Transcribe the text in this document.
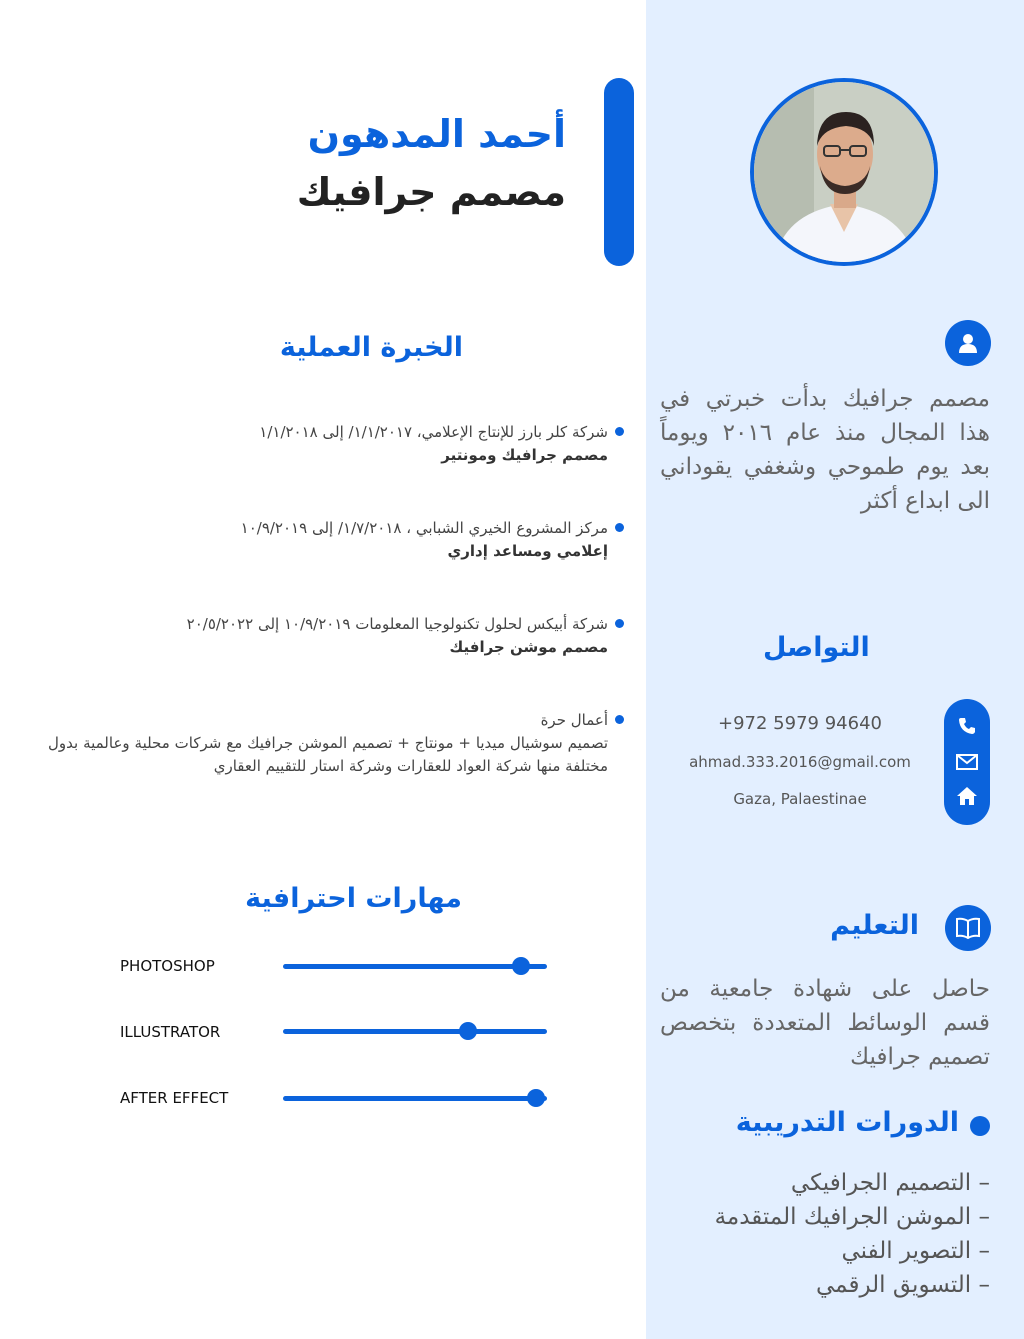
أحمد المدهون
مصمم جرافيك
مصمم جرافيك بدأت خبرتي في هذا المجال منذ عام ٢٠١٦ ويوماً بعد يوم طموحي وشغفي يقوداني الى ابداع أكثر
التواصل
+972 5979 94640
ahmad.333.2016@gmail.com
Gaza, Palaestinae
التعليم
حاصل على شهادة جامعية من قسم الوسائط المتعددة بتخصص تصميم جرافيك
الدورات التدريبية
– التصميم الجرافيكي
– الموشن الجرافيك المتقدمة
– التصوير الفني
– التسويق الرقمي
الخبرة العملية
شركة كلر بارز للإنتاج الإعلامي، ١/١/٢٠١٧/ إلى ١/١/٢٠١٨
مصمم جرافيك ومونتير
مركز المشروع الخيري الشبابي ، ١/٧/٢٠١٨/ إلى ١٠/٩/٢٠١٩
إعلامي ومساعد إداري
شركة أبيكس لحلول تكنولوجيا المعلومات ١٠/٩/٢٠١٩ إلى ٢٠/٥/٢٠٢٢
مصمم موشن جرافيك
أعمال حرة
تصميم سوشيال ميديا + مونتاج + تصميم الموشن جرافيك مع شركات محلية وعالمية بدول مختلفة منها شركة العواد للعقارات وشركة استار للتقييم العقاري
مهارات احترافية
PHOTOSHOP
ILLUSTRATOR
AFTER EFFECT
